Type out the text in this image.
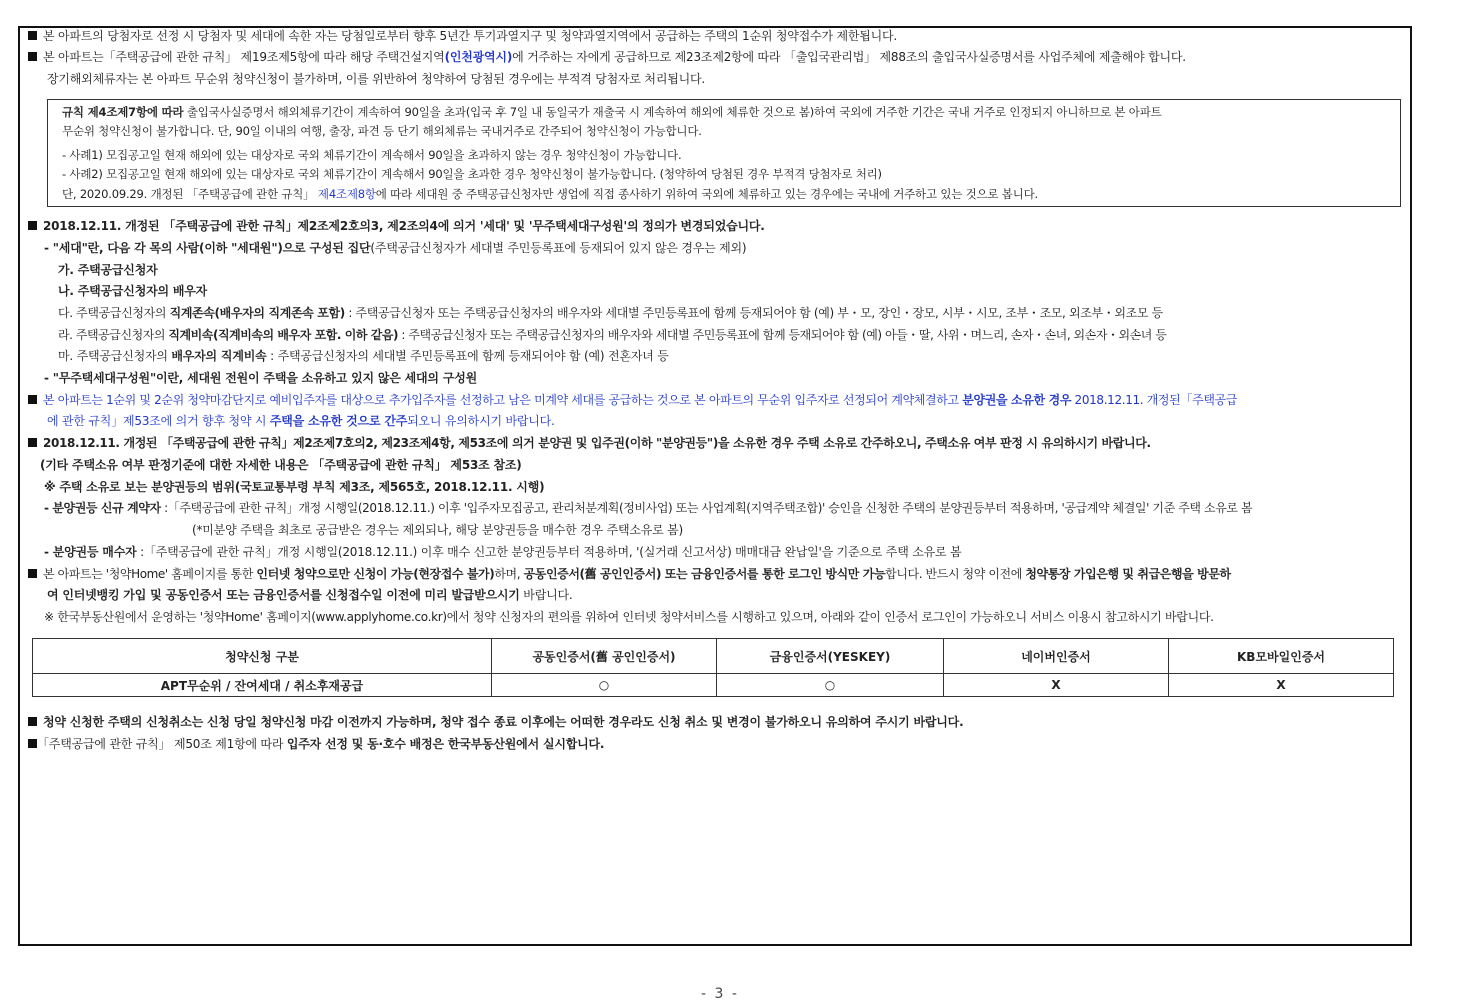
본 아파트의 당첨자로 선정 시 당첨자 및 세대에 속한 자는 당첨일로부터 향후 5년간 투기과열지구 및 청약과열지역에서 공급하는 주택의 1순위 청약접수가 제한됩니다.
본 아파트는「주택공급에 관한 규칙」 제19조제5항에 따라 해당 주택건설지역(인천광역시)에 거주하는 자에게 공급하므로 제23조제2항에 따라 「출입국관리법」 제88조의 출입국사실증명서를 사업주체에 제출해야 합니다.
장기해외체류자는 본 아파트 무순위 청약신청이 불가하며, 이를 위반하여 청약하여 당첨된 경우에는 부적격 당첨자로 처리됩니다.
규칙 제4조제7항에 따라 출입국사실증명서 해외체류기간이 계속하여 90일을 초과(입국 후 7일 내 동일국가 재출국 시 계속하여 해외에 체류한 것으로 봄)하여 국외에 거주한 기간은 국내 거주로 인정되지 아니하므로 본 아파트
무순위 청약신청이 불가합니다. 단, 90일 이내의 여행, 출장, 파견 등 단기 해외체류는 국내거주로 간주되어 청약신청이 가능합니다.
- 사례1) 모집공고일 현재 해외에 있는 대상자로 국외 체류기간이 계속해서 90일을 초과하지 않는 경우 청약신청이 가능합니다.
- 사례2) 모집공고일 현재 해외에 있는 대상자로 국외 체류기간이 계속해서 90일을 초과한 경우 청약신청이 불가능합니다. (청약하여 당첨된 경우 부적격 당첨자로 처리)
단, 2020.09.29. 개정된 「주택공급에 관한 규칙」 제4조제8항에 따라 세대원 중 주택공급신청자만 생업에 직접 종사하기 위하여 국외에 체류하고 있는 경우에는 국내에 거주하고 있는 것으로 봅니다.
2018.12.11. 개정된 「주택공급에 관한 규칙」제2조제2호의3, 제2조의4에 의거 '세대' 및 '무주택세대구성원'의 정의가 변경되었습니다.
- "세대"란, 다음 각 목의 사람(이하 "세대원")으로 구성된 집단(주택공급신청자가 세대별 주민등록표에 등재되어 있지 않은 경우는 제외)
가. 주택공급신청자
나. 주택공급신청자의 배우자
다. 주택공급신청자의 직계존속(배우자의 직계존속 포함) : 주택공급신청자 또는 주택공급신청자의 배우자와 세대별 주민등록표에 함께 등재되어야 함 (예) 부・모, 장인・장모, 시부・시모, 조부・조모, 외조부・외조모 등
라. 주택공급신청자의 직계비속(직계비속의 배우자 포함. 이하 같음) : 주택공급신청자 또는 주택공급신청자의 배우자와 세대별 주민등록표에 함께 등재되어야 함 (예) 아들・딸, 사위・며느리, 손자・손녀, 외손자・외손녀 등
마. 주택공급신청자의 배우자의 직계비속 : 주택공급신청자의 세대별 주민등록표에 함께 등재되어야 함 (예) 전혼자녀 등
- "무주택세대구성원"이란, 세대원 전원이 주택을 소유하고 있지 않은 세대의 구성원
본 아파트는 1순위 및 2순위 청약마감단지로 예비입주자를 대상으로 추가입주자를 선정하고 남은 미계약 세대를 공급하는 것으로 본 아파트의 무순위 입주자로 선정되어 계약체결하고 분양권을 소유한 경우 2018.12.11. 개정된「주택공급
에 관한 규칙」제53조에 의거 향후 청약 시 주택을 소유한 것으로 간주되오니 유의하시기 바랍니다.
2018.12.11. 개정된 「주택공급에 관한 규칙」제2조제7호의2, 제23조제4항, 제53조에 의거 분양권 및 입주권(이하 "분양권등")을 소유한 경우 주택 소유로 간주하오니, 주택소유 여부 판정 시 유의하시기 바랍니다.
(기타 주택소유 여부 판정기준에 대한 자세한 내용은 「주택공급에 관한 규칙」 제53조 참조)
※ 주택 소유로 보는 분양권등의 범위(국토교통부령 부칙 제3조, 제565호, 2018.12.11. 시행)
- 분양권등 신규 계약자 :「주택공급에 관한 규칙」개정 시행일(2018.12.11.) 이후 '입주자모집공고, 관리처분계획(정비사업) 또는 사업계획(지역주택조합)' 승인을 신청한 주택의 분양권등부터 적용하며, '공급계약 체결일' 기준 주택 소유로 봄
(*미분양 주택을 최초로 공급받은 경우는 제외되나, 해당 분양권등을 매수한 경우 주택소유로 봄)
- 분양권등 매수자 :「주택공급에 관한 규칙」개정 시행일(2018.12.11.) 이후 매수 신고한 분양권등부터 적용하며, '(실거래 신고서상) 매매대금 완납일'을 기준으로 주택 소유로 봄
본 아파트는 '청약Home' 홈페이지를 통한 인터넷 청약으로만 신청이 가능(현장접수 불가)하며, 공동인증서(舊 공인인증서) 또는 금융인증서를 통한 로그인 방식만 가능합니다. 반드시 청약 이전에 청약통장 가입은행 및 취급은행을 방문하
여 인터넷뱅킹 가입 및 공동인증서 또는 금융인증서를 신청접수일 이전에 미리 발급받으시기 바랍니다.
※ 한국부동산원에서 운영하는 '청약Home' 홈페이지(www.applyhome.co.kr)에서 청약 신청자의 편의를 위하여 인터넷 청약서비스를 시행하고 있으며, 아래와 같이 인증서 로그인이 가능하오니 서비스 이용시 참고하시기 바랍니다.
청약신청 구분	공동인증서(舊 공인인증서)	금융인증서(YESKEY)	네이버인증서	KB모바일인증서
APT무순위 / 잔여세대 / 취소후재공급	○	○	X	X
청약 신청한 주택의 신청취소는 신청 당일 청약신청 마감 이전까지 가능하며, 청약 접수 종료 이후에는 어떠한 경우라도 신청 취소 및 변경이 불가하오니 유의하여 주시기 바랍니다.
「주택공급에 관한 규칙」 제50조 제1항에 따라 입주자 선정 및 동·호수 배정은 한국부동산원에서 실시합니다.
- 3 -
